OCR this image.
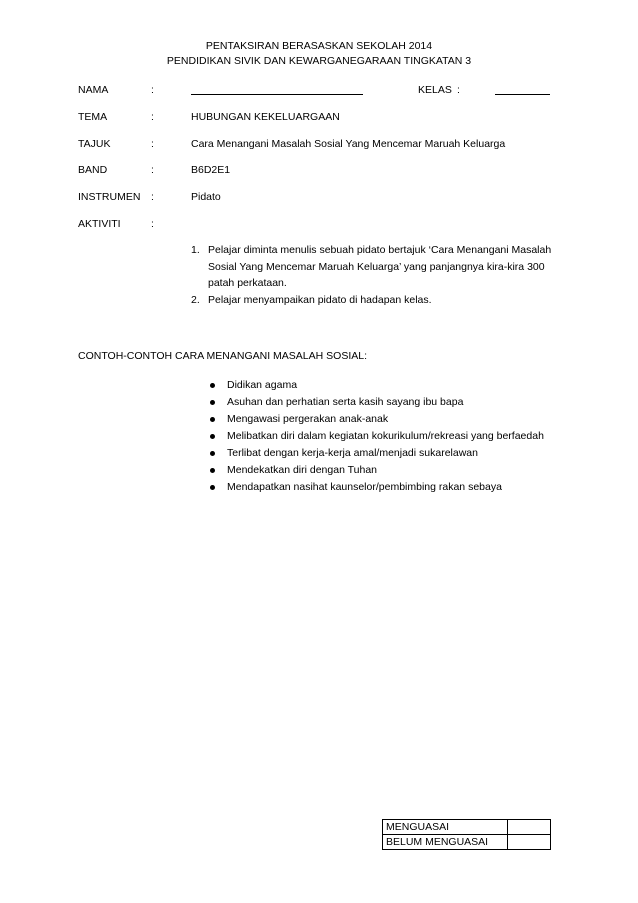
PENTAKSIRAN BERASASKAN SEKOLAH 2014
PENDIDIKAN SIVIK DAN KEWARGANEGARAAN TINGKATAN 3
NAMA	:	KELAS :
TEMA	:	HUBUNGAN KEKELUARGAAN
TAJUK	:	Cara Menangani Masalah Sosial Yang Mencemar Maruah Keluarga
BAND	:	B6D2E1
INSTRUMEN :	Pidato
AKTIVITI	:
1. Pelajar diminta menulis sebuah pidato bertajuk ‘Cara Menangani Masalah Sosial Yang Mencemar Maruah Keluarga’ yang panjangnya kira-kira 300 patah perkataan.
2. Pelajar menyampaikan pidato di hadapan kelas.
CONTOH-CONTOH CARA MENANGANI MASALAH SOSIAL:
Didikan agama
Asuhan dan perhatian serta kasih sayang ibu bapa
Mengawasi pergerakan anak-anak
Melibatkan diri dalam kegiatan kokurikulum/rekreasi yang berfaedah
Terlibat dengan kerja-kerja amal/menjadi sukarelawan
Mendekatkan diri dengan Tuhan
Mendapatkan nasihat kaunselor/pembimbing rakan sebaya
MENGUASAI	
BELUM MENGUASAI	
